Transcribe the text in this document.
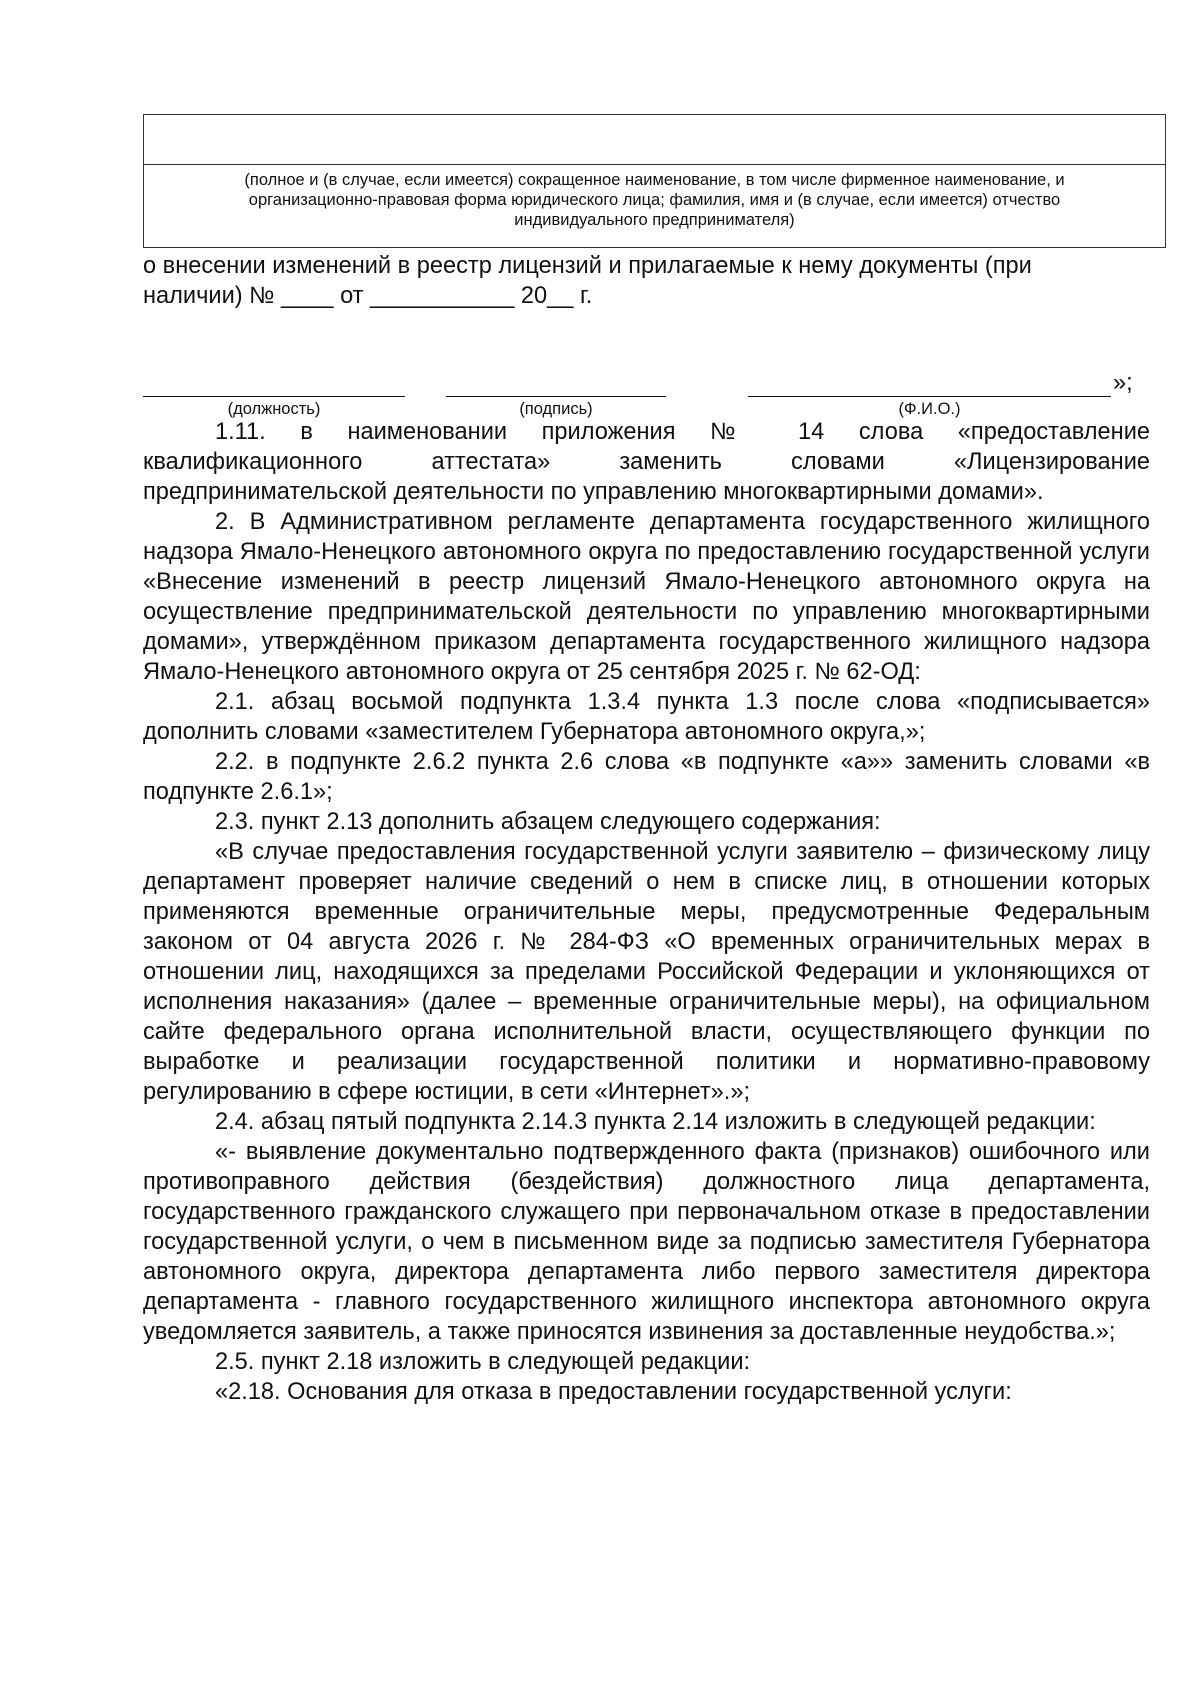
(полное и (в случае, если имеется) сокращенное наименование, в том числе фирменное наименование, и организационно-правовая форма юридического лица; фамилия, имя и (в случае, если имеется) отчество индивидуального предпринимателя)

о внесении изменений в реестр лицензий и прилагаемые к нему документы (при

наличии) № ____ от ___________ 20__ г.

»;
(должность)	(подпись)	(Ф.И.О.)

1.11. в наименовании приложения № 14 слова «предоставление квалификационного аттестата» заменить словами «Лицензирование предпринимательской деятельности по управлению многоквартирными домами».

2. В Административном регламенте департамента государственного жилищного надзора Ямало-Ненецкого автономного округа по предоставлению государственной услуги «Внесение изменений в реестр лицензий Ямало-Ненецкого автономного округа на осуществление предпринимательской деятельности по управлению многоквартирными домами», утверждённом приказом департамента государственного жилищного надзора Ямало-Ненецкого автономного округа от 25 сентября 2025 г. № 62-ОД:

2.1. абзац восьмой подпункта 1.3.4 пункта 1.3 после слова «подписывается» дополнить словами «заместителем Губернатора автономного округа,»;

2.2. в подпункте 2.6.2 пункта 2.6 слова «в подпункте «а»» заменить словами «в подпункте 2.6.1»;

2.3. пункт 2.13 дополнить абзацем следующего содержания:

«В случае предоставления государственной услуги заявителю – физическому лицу департамент проверяет наличие сведений о нем в списке лиц, в отношении которых применяются временные ограничительные меры, предусмотренные Федеральным законом от 04 августа 2026 г. № 284-ФЗ «О временных ограничительных мерах в отношении лиц, находящихся за пределами Российской Федерации и уклоняющихся от исполнения наказания» (далее – временные ограничительные меры), на официальном сайте федерального органа исполнительной власти, осуществляющего функции по выработке и реализации государственной политики и нормативно-правовому регулированию в сфере юстиции, в сети «Интернет».»;

2.4. абзац пятый подпункта 2.14.3 пункта 2.14 изложить в следующей редакции:

«- выявление документально подтвержденного факта (признаков) ошибочного или противоправного действия (бездействия) должностного лица департамента, государственного гражданского служащего при первоначальном отказе в предоставлении государственной услуги, о чем в письменном виде за подписью заместителя Губернатора автономного округа, директора департамента либо первого заместителя директора департамента - главного государственного жилищного инспектора автономного округа уведомляется заявитель, а также приносятся извинения за доставленные неудобства.»;

2.5. пункт 2.18 изложить в следующей редакции:

«2.18. Основания для отказа в предоставлении государственной услуги:
